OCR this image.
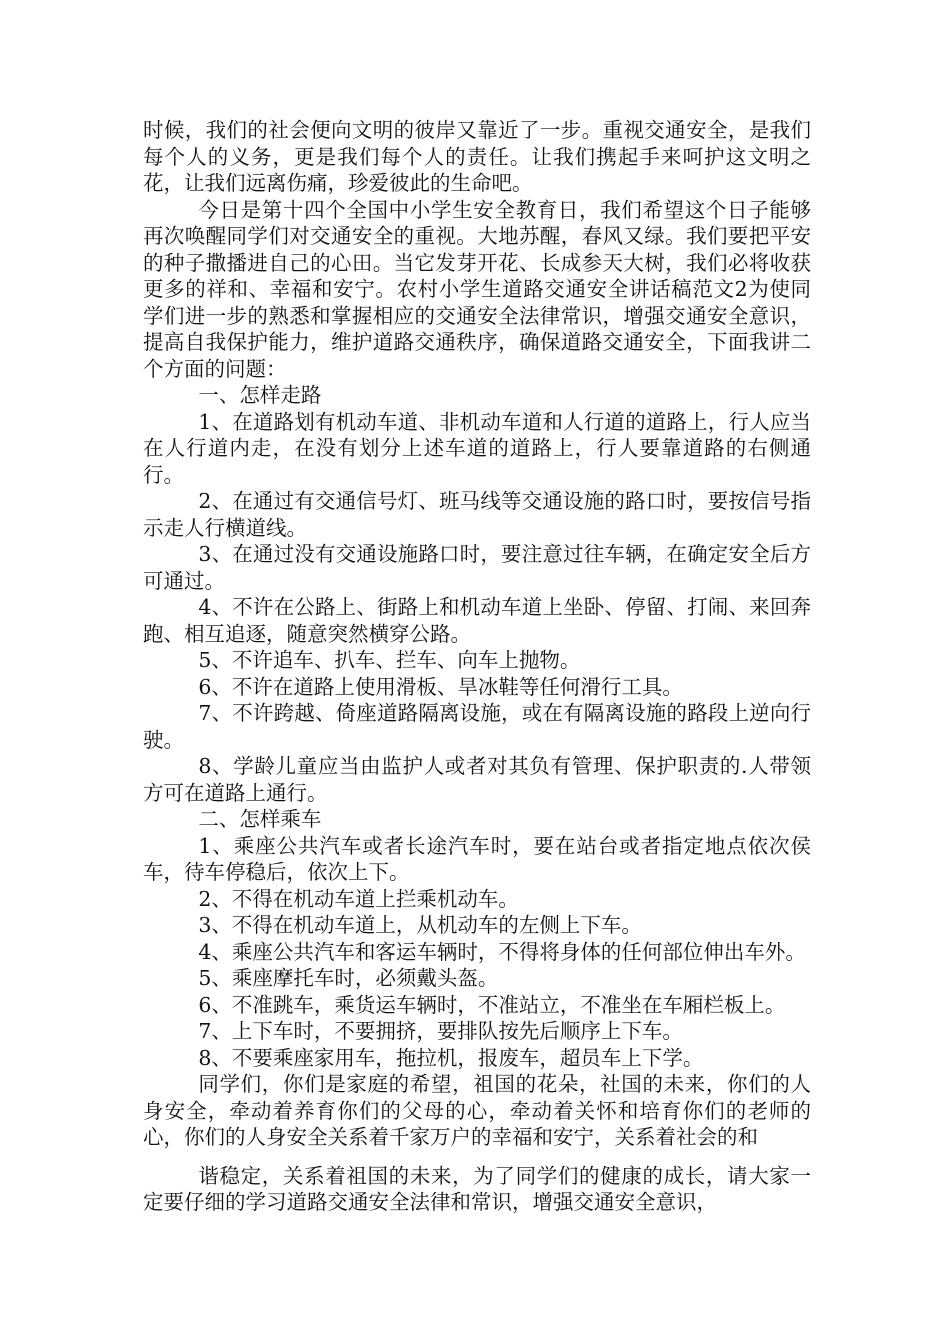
时候，我们的社会便向文明的彼岸又靠近了一步。重视交通安全，是我们每个人的义务，更是我们每个人的责任。让我们携起手来呵护这文明之花，让我们远离伤痛，珍爱彼此的生命吧。

今日是第十四个全国中小学生安全教育日，我们希望这个日子能够再次唤醒同学们对交通安全的重视。大地苏醒，春风又绿。我们要把平安的种子撒播进自己的心田。当它发芽开花、长成参天大树，我们必将收获更多的祥和、幸福和安宁。农村小学生道路交通安全讲话稿范文2为使同学们进一步的熟悉和掌握相应的交通安全法律常识，增强交通安全意识，提高自我保护能力，维护道路交通秩序，确保道路交通安全，下面我讲二个方面的问题：

一、怎样走路

1、在道路划有机动车道、非机动车道和人行道的道路上，行人应当在人行道内走，在没有划分上述车道的道路上，行人要靠道路的右侧通行。

2、在通过有交通信号灯、班马线等交通设施的路口时，要按信号指示走人行横道线。

3、在通过没有交通设施路口时，要注意过往车辆，在确定安全后方可通过。

4、不许在公路上、街路上和机动车道上坐卧、停留、打闹、来回奔跑、相互追逐，随意突然横穿公路。

5、不许追车、扒车、拦车、向车上抛物。

6、不许在道路上使用滑板、旱冰鞋等任何滑行工具。

7、不许跨越、倚座道路隔离设施，或在有隔离设施的路段上逆向行驶。

8、学龄儿童应当由监护人或者对其负有管理、保护职责的.人带领方可在道路上通行。

二、怎样乘车

1、乘座公共汽车或者长途汽车时，要在站台或者指定地点依次侯车，待车停稳后，依次上下。

2、不得在机动车道上拦乘机动车。

3、不得在机动车道上，从机动车的左侧上下车。

4、乘座公共汽车和客运车辆时，不得将身体的任何部位伸出车外。

5、乘座摩托车时，必须戴头盔。

6、不准跳车，乘货运车辆时，不准站立，不准坐在车厢栏板上。

7、上下车时，不要拥挤，要排队按先后顺序上下车。

8、不要乘座家用车，拖拉机，报废车，超员车上下学。

同学们，你们是家庭的希望，祖国的花朵，社国的未来，你们的人身安全，牵动着养育你们的父母的心，牵动着关怀和培育你们的老师的心，你们的人身安全关系着千家万户的幸福和安宁，关系着社会的和

谐稳定，关系着祖国的未来，为了同学们的健康的成长，请大家一定要仔细的学习道路交通安全法律和常识，增强交通安全意识，
